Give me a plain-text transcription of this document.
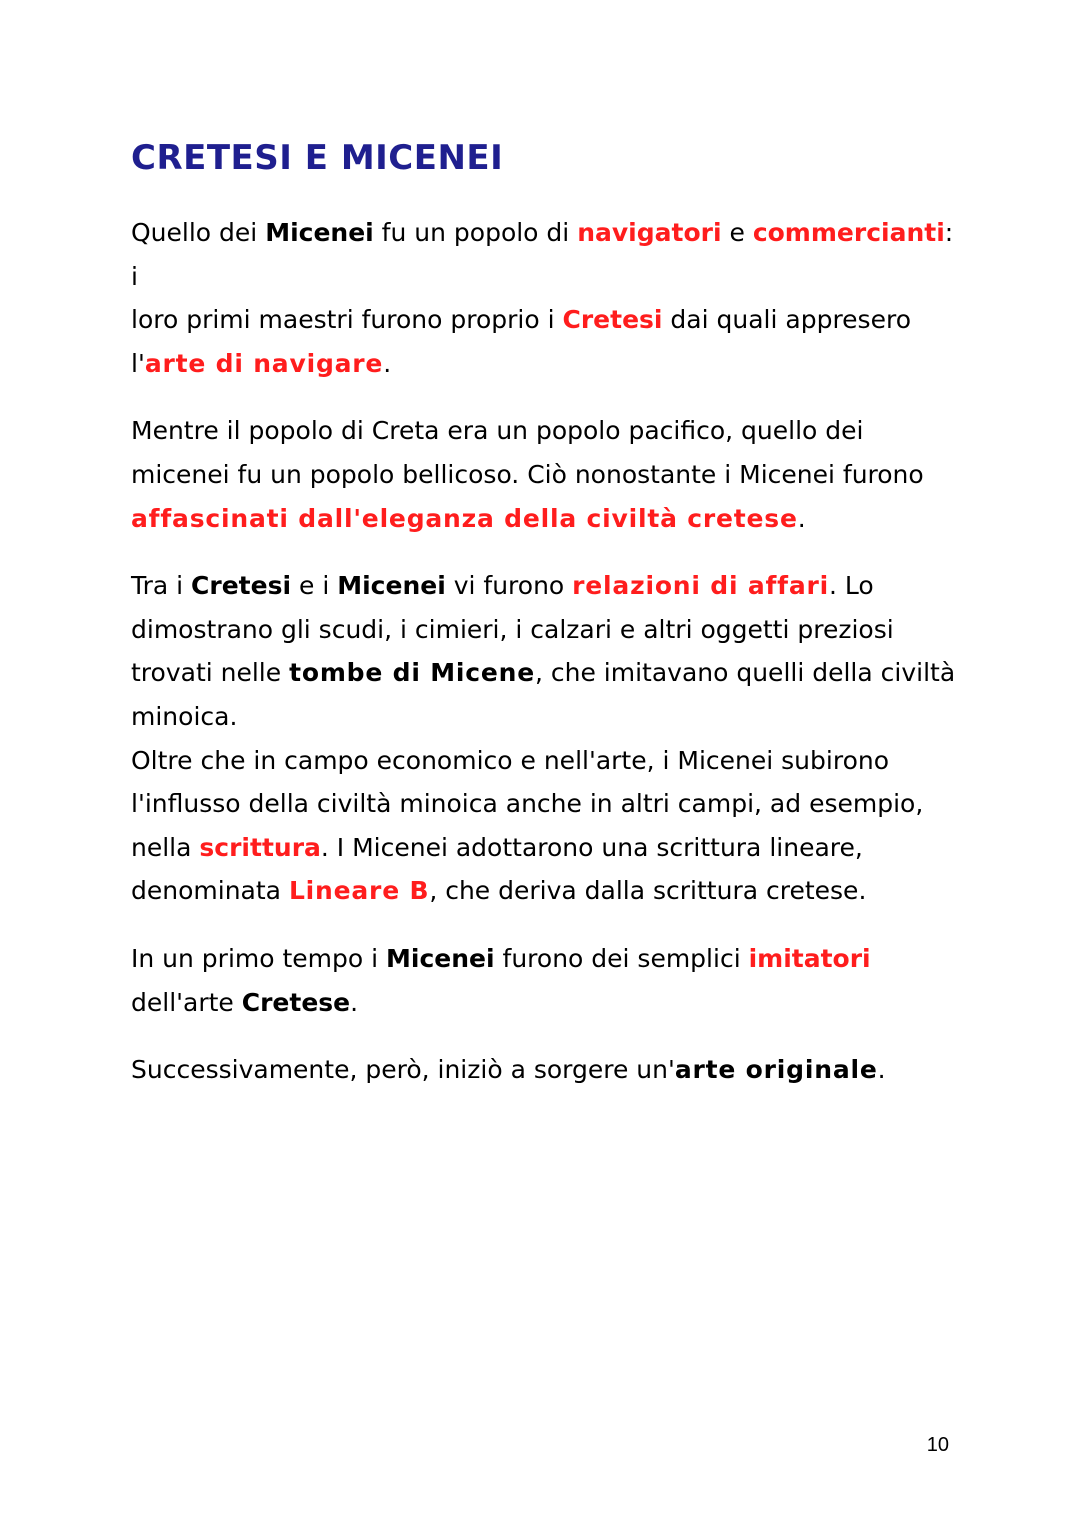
CRETESI E MICENEI

Quello dei Micenei fu un popolo di navigatori e commercianti: i
loro primi maestri furono proprio i Cretesi dai quali appresero
l'arte di navigare.

Mentre il popolo di Creta era un popolo pacifico, quello dei
micenei fu un popolo bellicoso. Ciò nonostante i Micenei furono
affascinati dall'eleganza della civiltà cretese.

Tra i Cretesi e i Micenei vi furono relazioni di affari. Lo
dimostrano gli scudi, i cimieri, i calzari e altri oggetti preziosi
trovati nelle tombe di Micene, che imitavano quelli della civiltà
minoica.
Oltre che in campo economico e nell'arte, i Micenei subirono
l'influsso della civiltà minoica anche in altri campi, ad esempio,
nella scrittura. I Micenei adottarono una scrittura lineare,
denominata Lineare B, che deriva dalla scrittura cretese.

In un primo tempo i Micenei furono dei semplici imitatori
dell'arte Cretese.

Successivamente, però, iniziò a sorgere un'arte originale.

10
